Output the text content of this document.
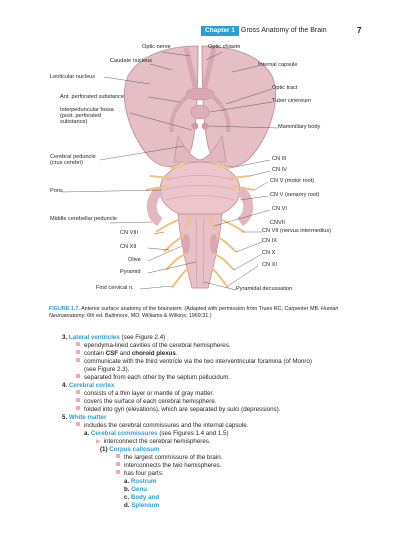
Chapter 1 Gross Anatomy of the Brain	7
Optic nerve	Optic chiasm
Caudate nucleus
Internal capsule
Lenticular nucleus
Optic tract
Ant. perforated substance
Tuber cinereum
Interpeduncular fossa
(post. perforated
substance)
Mammillary body
Cerebral peduncle
(crus cerebri)
CN III
CN IV
CN V (motor root)
Pons
CN V (sensory root)
CN VI
Middle cerebellar peduncle
CNVII
CN VIII	CN VII (nervus intermedius)
CN XII
CN IX
Olive
CN X
Pyramid
CN XI
First cervical n.	Pyramidal decussation
FIGURE 1.7. Anterior surface anatomy of the brainstem. (Adapted with permission from Truex RC, Carpenter MB. Human Neuroanatomy. 6th ed. Baltimore, MD: Williams & Wilkins; 1969:31.)
3. Lateral ventricles (see Figure 2.4)
ependyma-lined cavities of the cerebral hemispheres.
contain CSF and choroid plexus.
communicate with the third ventricle via the two interventricular foramina (of Monro)
(see Figure 2.3).
separated from each other by the septum pellucidum.
4. Cerebral cortex
consists of a thin layer or mantle of gray matter.
covers the surface of each cerebral hemisphere.
folded into gyri (elevations), which are separated by sulci (depressions).
5. White matter
includes the cerebral commissures and the internal capsule.
a. Cerebral commissures (see Figures 1.4 and 1.5)
▶ interconnect the cerebral hemispheres.
(1) Corpus callosum
the largest commissure of the brain.
interconnects the two hemispheres.
has four parts:
a. Rostrum
b. Genu
c. Body and
d. Splenium
